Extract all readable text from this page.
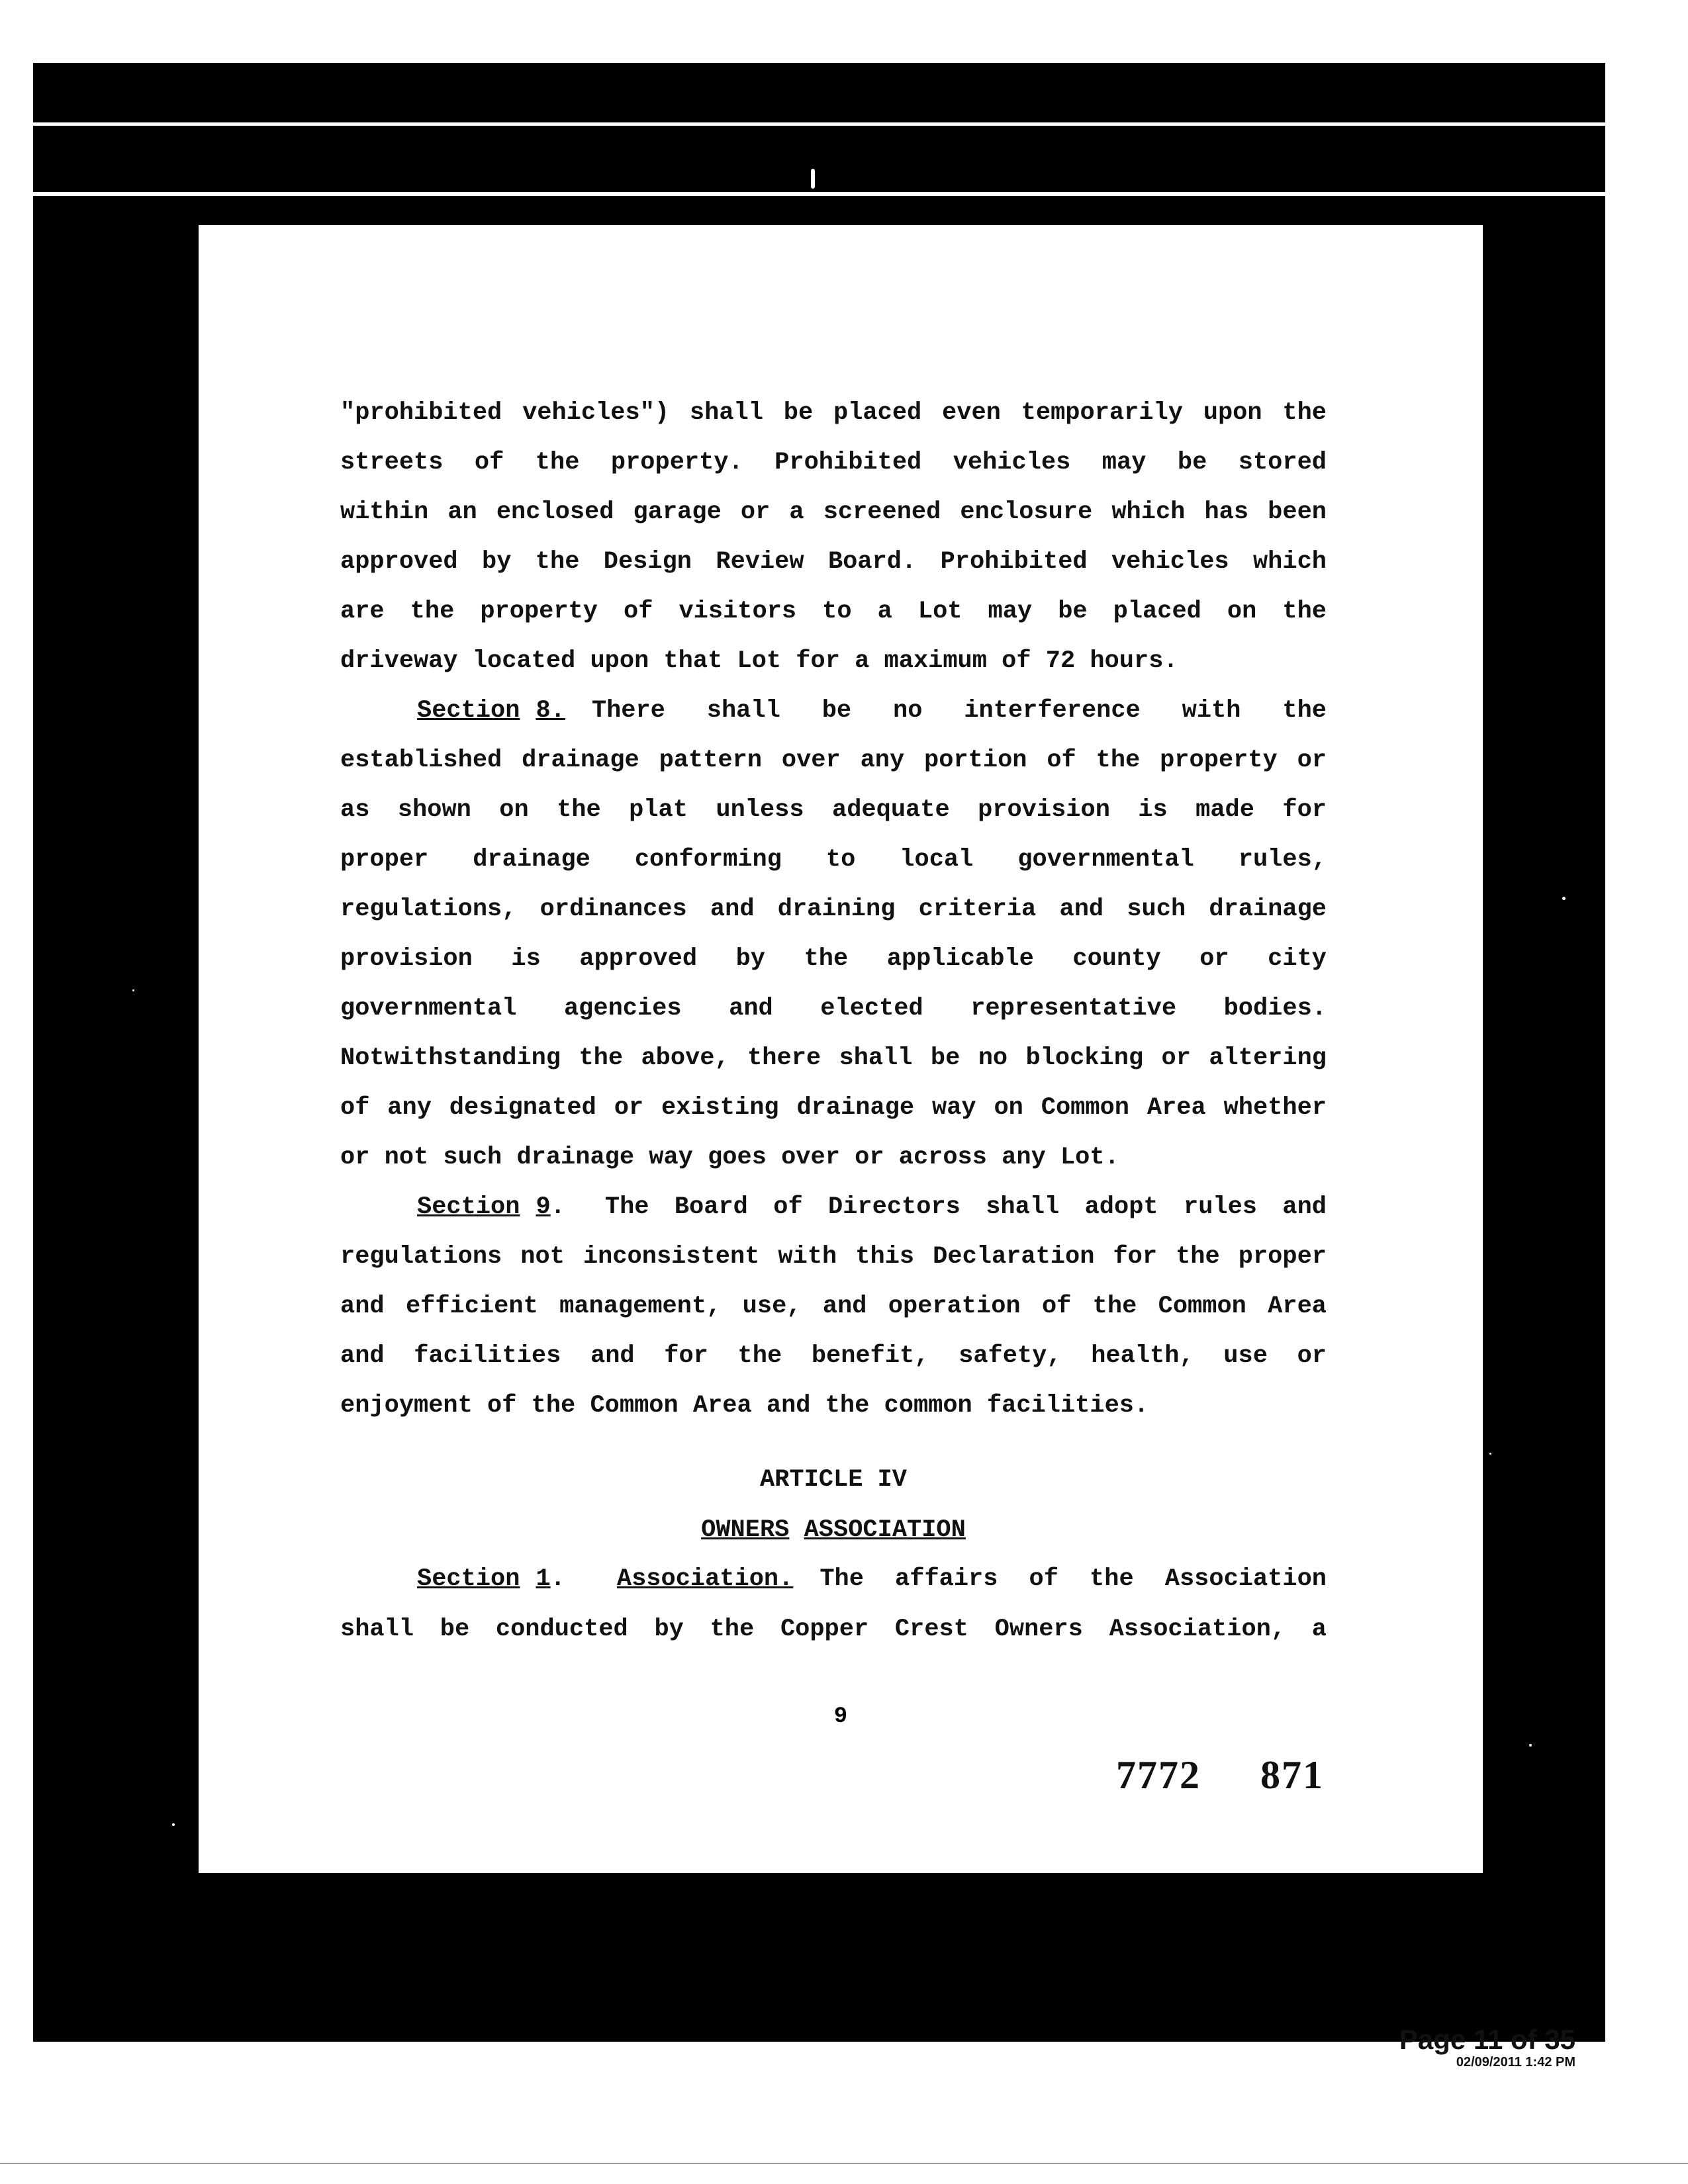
"prohibited vehicles") shall be placed even temporarily upon the
streets of the property. Prohibited vehicles may be stored
within an enclosed garage or a screened enclosure which has been
approved by the Design Review Board. Prohibited vehicles which
are the property of visitors to a Lot may be placed on the
driveway located upon that Lot for a maximum of 72 hours.
Section 8. There shall be no interference with the
established drainage pattern over any portion of the property or
as shown on the plat unless adequate provision is made for
proper drainage conforming to local governmental rules,
regulations, ordinances and draining criteria and such drainage
provision is approved by the applicable county or city
governmental agencies and elected representative bodies.
Notwithstanding the above, there shall be no blocking or altering
of any designated or existing drainage way on Common Area whether
or not such drainage way goes over or across any Lot.
Section 9. The Board of Directors shall adopt rules and
regulations not inconsistent with this Declaration for the proper
and efficient management, use, and operation of the Common Area
and facilities and for the benefit, safety, health, use or
enjoyment of the Common Area and the common facilities.
ARTICLE IV
OWNERS ASSOCIATION
Section 1. Association. The affairs of the Association
shall be conducted by the Copper Crest Owners Association, a
9
7772 871
Page 11 of 35
02/09/2011 1:42 PM
